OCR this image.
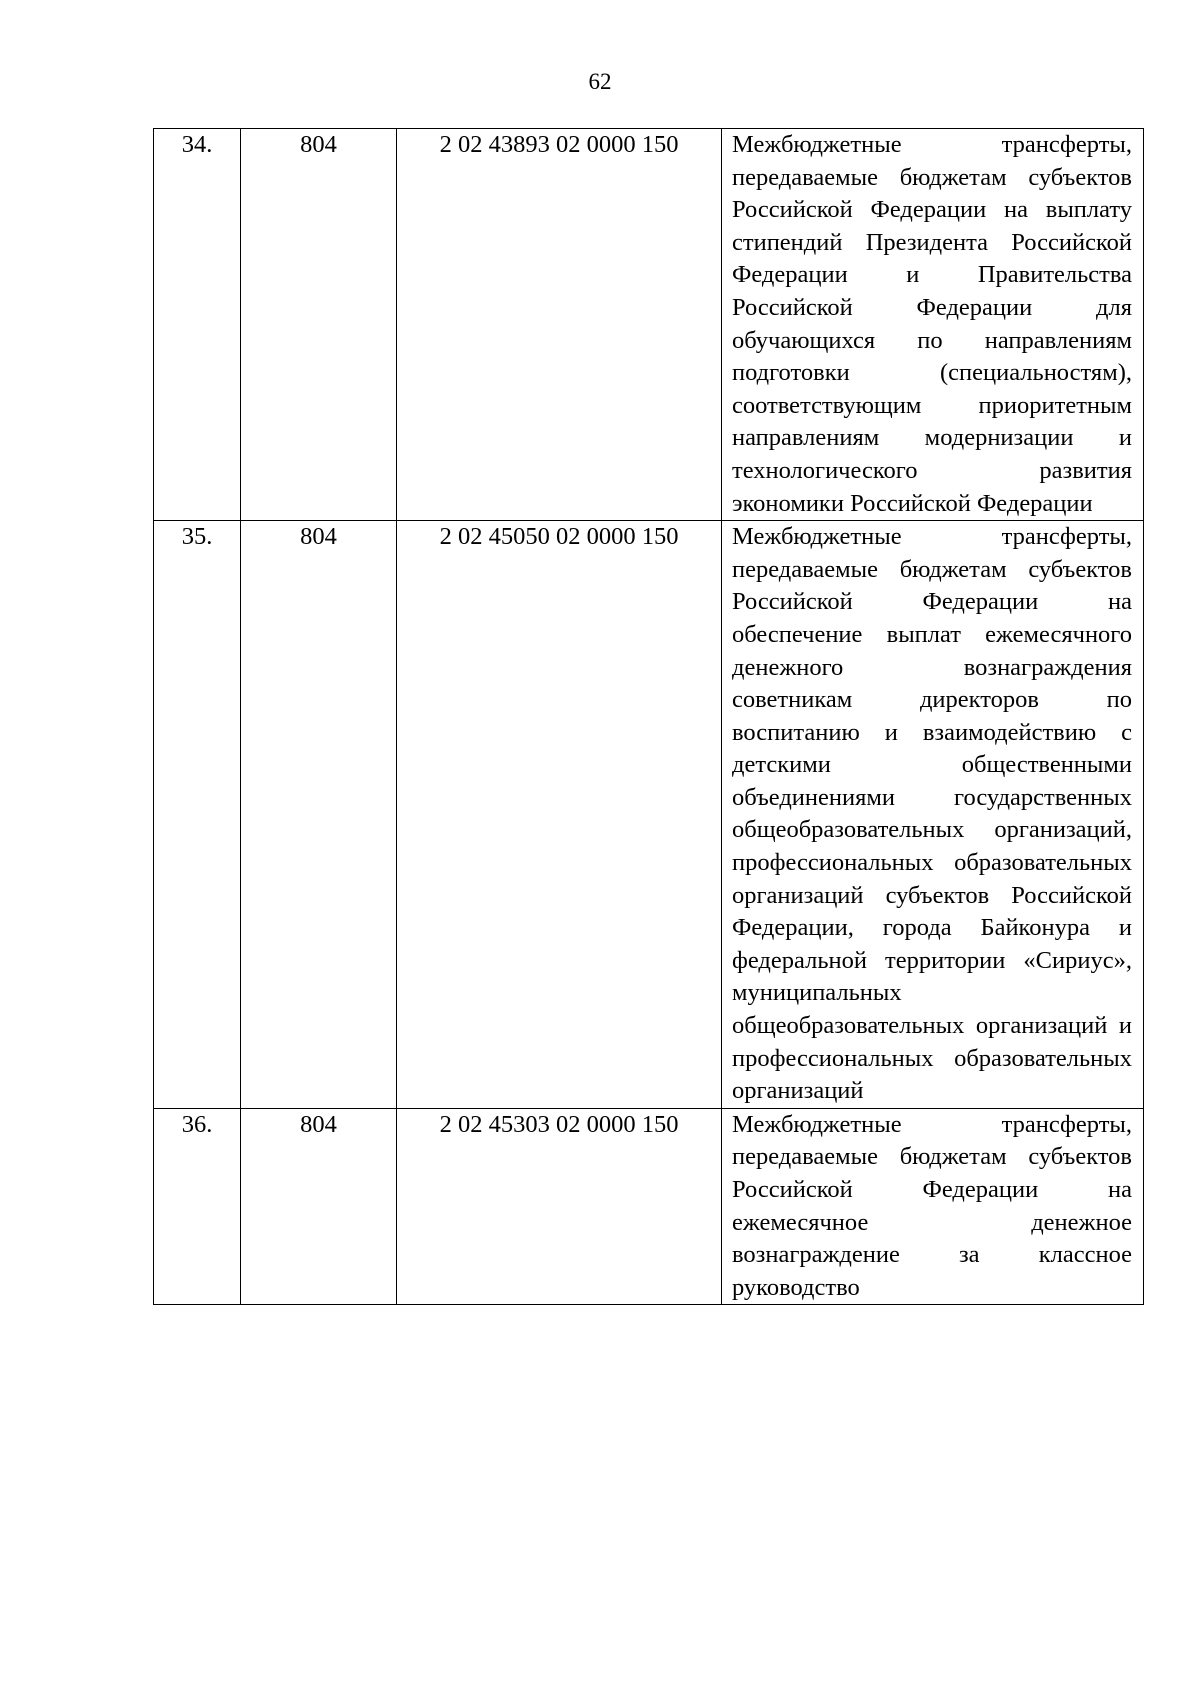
62
34.	804	2 02 43893 02 0000 150	Межбюджетные трансферты, передаваемые бюджетам субъектов Российской Федерации на выплату стипендий Президента Российской Федерации и Правительства Российской Федерации для обучающихся по направлениям подготовки (специальностям), соответствующим приоритетным направлениям модернизации и технологического развития экономики Российской Федерации

35.	804	2 02 45050 02 0000 150	Межбюджетные трансферты, передаваемые бюджетам субъектов Российской Федерации на обеспечение выплат ежемесячного денежного вознаграждения советникам директоров по воспитанию и взаимодействию с детскими общественными объединениями государственных общеобразовательных организаций, профессиональных образовательных организаций субъектов Российской Федерации, города Байконура и федеральной территории «Сириус», муниципальных общеобразовательных организаций и профессиональных образовательных организаций

36.	804	2 02 45303 02 0000 150	Межбюджетные трансферты, передаваемые бюджетам субъектов Российской Федерации на ежемесячное денежное вознаграждение за классное руководство
